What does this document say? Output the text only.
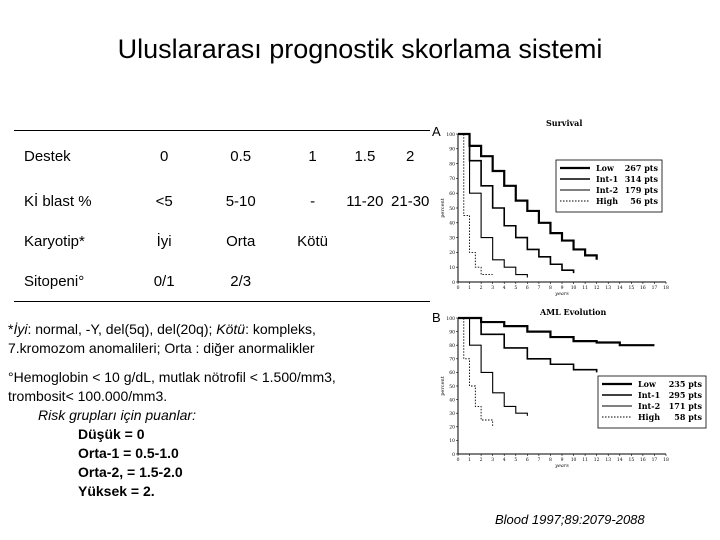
Uluslararası prognostik skorlama sistemi
Destek	0	0.5	1	1.5	2
Kİ blast %	<5	5-10	-	11-20	21-30
Karyotip*	İyi	Orta	Kötü		
Sitopeni°	0/1	2/3			

*İyi: normal, -Y, del(5q), del(20q); Kötü: kompleks,

7.kromozom anomalileri; Orta : diğer anormalikler

°Hemoglobin < 10 g/dL, mutlak nötrofil < 1.500/mm3,

trombosit< 100.000/mm3.

Risk grupları için puanlar:

Düşük = 0

Orta-1 = 0.5-1.0

Orta-2, = 1.5-2.0

Yüksek = 2.

A
B
Survival
100
90
80
70
60
50
40
30
20
10
0
0 1 2 3 4 5 6 7 8 9 10 11 12 13 14 15 16 17 18
years
percent
Low 267 pts
Int-1 314 pts
Int-2 179 pts
High 56 pts
AML Evolution
100
90
80
70
60
50
40
30
20
10
0
0 1 2 3 4 5 6 7 8 9 10 11 12 13 14 15 16 17 18
years
percent	Low 235 pts
Int-1 295 pts
Int-2 171 pts
High 58 pts
Blood 1997;89:2079-2088
